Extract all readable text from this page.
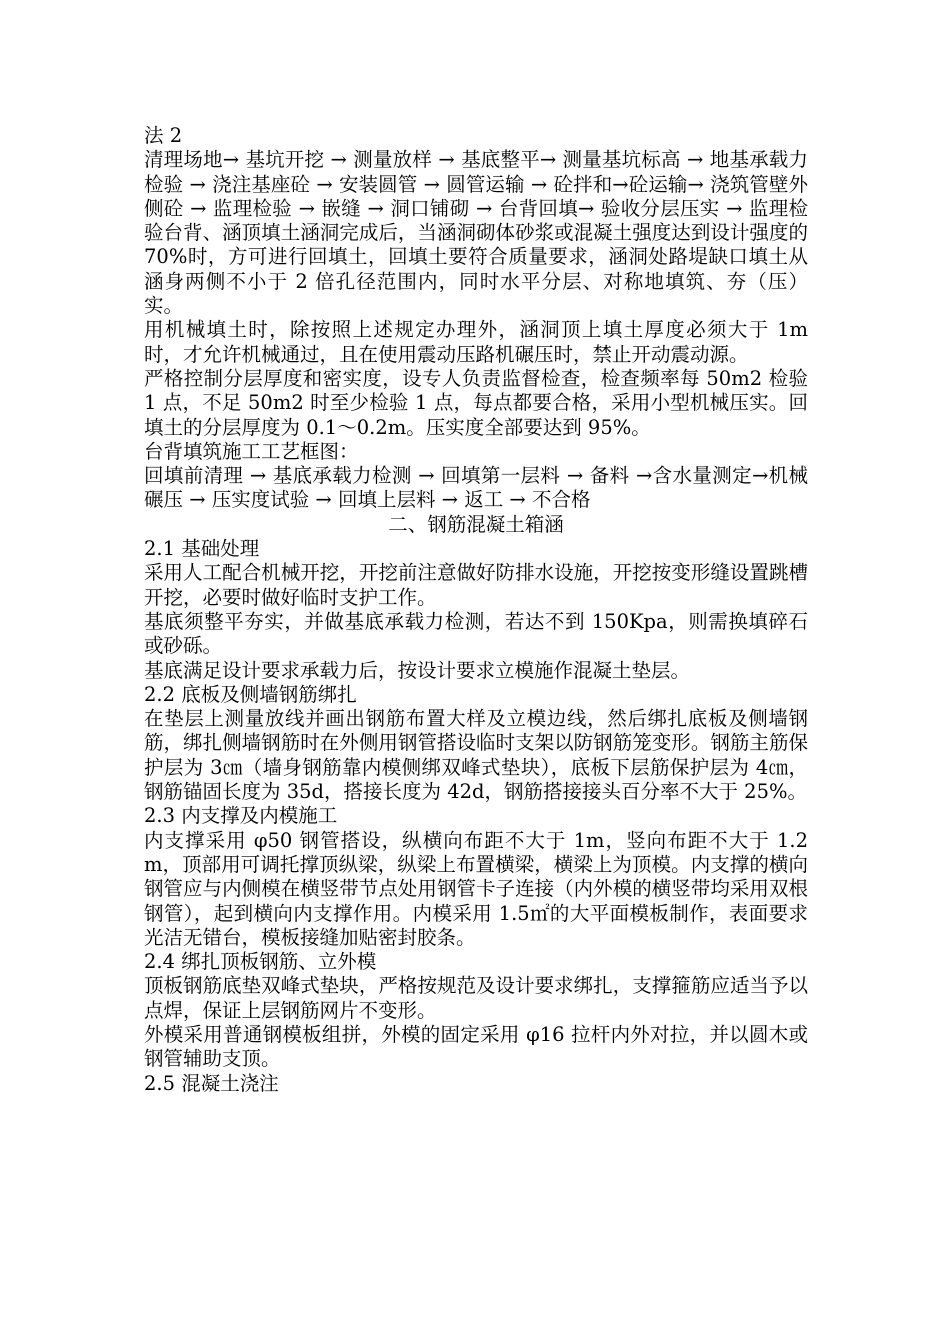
法 2

清理场地→ 基坑开挖 → 测量放样 → 基底整平→ 测量基坑标高 → 地基承载力检验 → 浇注基座砼 → 安装圆管 → 圆管运输 → 砼拌和→砼运输→ 浇筑管壁外侧砼 → 监理检验 → 嵌缝 → 洞口铺砌 → 台背回填→ 验收分层压实 → 监理检验台背、涵顶填土涵洞完成后，当涵洞砌体砂浆或混凝土强度达到设计强度的 70%时，方可进行回填土，回填土要符合质量要求，涵洞处路堤缺口填土从涵身两侧不小于 2 倍孔径范围内，同时水平分层、对称地填筑、夯（压）实。

用机械填土时，除按照上述规定办理外，涵洞顶上填土厚度必须大于 1m 时，才允许机械通过，且在使用震动压路机碾压时，禁止开动震动源。

严格控制分层厚度和密实度，设专人负责监督检查，检查频率每 50m2 检验 1 点，不足 50m2 时至少检验 1 点，每点都要合格，采用小型机械压实。回填土的分层厚度为 0.1～0.2m。压实度全部要达到 95%。

台背填筑施工工艺框图：

回填前清理 → 基底承载力检测 → 回填第一层料 → 备料 →含水量测定→机械碾压 → 压实度试验 → 回填上层料 → 返工 → 不合格

二、钢筋混凝土箱涵

2.1 基础处理

采用人工配合机械开挖，开挖前注意做好防排水设施，开挖按变形缝设置跳槽开挖，必要时做好临时支护工作。

基底须整平夯实，并做基底承载力检测，若达不到 150Kpa，则需换填碎石或砂砾。

基底满足设计要求承载力后，按设计要求立模施作混凝土垫层。

2.2 底板及侧墙钢筋绑扎

在垫层上测量放线并画出钢筋布置大样及立模边线，然后绑扎底板及侧墙钢筋，绑扎侧墙钢筋时在外侧用钢管搭设临时支架以防钢筋笼变形。钢筋主筋保护层为 3㎝（墙身钢筋靠内模侧绑双峰式垫块），底板下层筋保护层为 4㎝，钢筋锚固长度为 35d，搭接长度为 42d，钢筋搭接接头百分率不大于 25%。

2.3 内支撑及内模施工

内支撑采用 φ50 钢管搭设，纵横向布距不大于 1m，竖向布距不大于 1.2 m，顶部用可调托撑顶纵梁，纵梁上布置横梁，横梁上为顶模。内支撑的横向钢管应与内侧模在横竖带节点处用钢管卡子连接（内外模的横竖带均采用双根钢管），起到横向内支撑作用。内模采用 1.5㎡的大平面模板制作，表面要求光洁无错台，模板接缝加贴密封胶条。

2.4 绑扎顶板钢筋、立外模

顶板钢筋底垫双峰式垫块，严格按规范及设计要求绑扎，支撑箍筋应适当予以点焊，保证上层钢筋网片不变形。

外模采用普通钢模板组拼，外模的固定采用 φ16 拉杆内外对拉，并以圆木或钢管辅助支顶。

2.5 混凝土浇注
